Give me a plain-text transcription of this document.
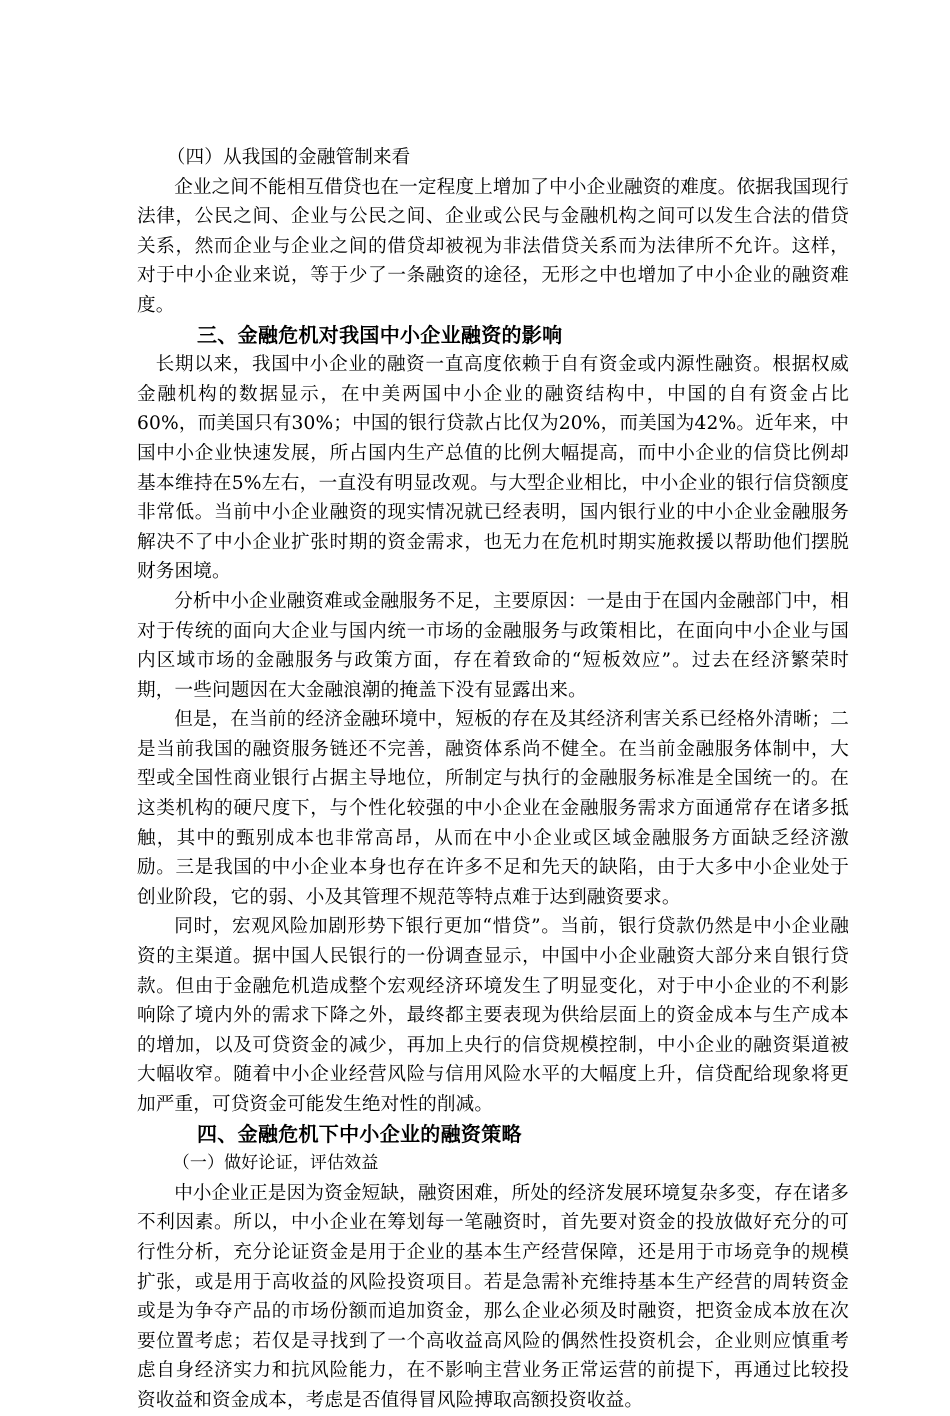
（四）从我国的金融管制来看

企业之间不能相互借贷也在一定程度上增加了中小企业融资的难度。依据我国现行法律，公民之间、企业与公民之间、企业或公民与金融机构之间可以发生合法的借贷关系，然而企业与企业之间的借贷却被视为非法借贷关系而为法律所不允许。这样，对于中小企业来说，等于少了一条融资的途径，无形之中也增加了中小企业的融资难度。

三、金融危机对我国中小企业融资的影响

长期以来，我国中小企业的融资一直高度依赖于自有资金或内源性融资。根据权威金融机构的数据显示，在中美两国中小企业的融资结构中，中国的自有资金占比60%，而美国只有30%；中国的银行贷款占比仅为20%，而美国为42%。近年来，中国中小企业快速发展，所占国内生产总值的比例大幅提高，而中小企业的信贷比例却基本维持在5%左右，一直没有明显改观。与大型企业相比，中小企业的银行信贷额度非常低。当前中小企业融资的现实情况就已经表明，国内银行业的中小企业金融服务解决不了中小企业扩张时期的资金需求，也无力在危机时期实施救援以帮助他们摆脱财务困境。

分析中小企业融资难或金融服务不足，主要原因：一是由于在国内金融部门中，相对于传统的面向大企业与国内统一市场的金融服务与政策相比，在面向中小企业与国内区域市场的金融服务与政策方面，存在着致命的“短板效应”。过去在经济繁荣时期，一些问题因在大金融浪潮的掩盖下没有显露出来。

但是，在当前的经济金融环境中，短板的存在及其经济利害关系已经格外清晰；二是当前我国的融资服务链还不完善，融资体系尚不健全。在当前金融服务体制中，大型或全国性商业银行占据主导地位，所制定与执行的金融服务标准是全国统一的。在这类机构的硬尺度下，与个性化较强的中小企业在金融服务需求方面通常存在诸多抵触，其中的甄别成本也非常高昂，从而在中小企业或区域金融服务方面缺乏经济激励。三是我国的中小企业本身也存在许多不足和先天的缺陷，由于大多中小企业处于创业阶段，它的弱、小及其管理不规范等特点难于达到融资要求。

同时，宏观风险加剧形势下银行更加“惜贷”。当前，银行贷款仍然是中小企业融资的主渠道。据中国人民银行的一份调查显示，中国中小企业融资大部分来自银行贷款。但由于金融危机造成整个宏观经济环境发生了明显变化，对于中小企业的不利影响除了境内外的需求下降之外，最终都主要表现为供给层面上的资金成本与生产成本的增加，以及可贷资金的减少，再加上央行的信贷规模控制，中小企业的融资渠道被大幅收窄。随着中小企业经营风险与信用风险水平的大幅度上升，信贷配给现象将更加严重，可贷资金可能发生绝对性的削减。

四、金融危机下中小企业的融资策略

（一）做好论证，评估效益

中小企业正是因为资金短缺，融资困难，所处的经济发展环境复杂多变，存在诸多不利因素。所以，中小企业在筹划每一笔融资时，首先要对资金的投放做好充分的可行性分析，充分论证资金是用于企业的基本生产经营保障，还是用于市场竞争的规模扩张，或是用于高收益的风险投资项目。若是急需补充维持基本生产经营的周转资金或是为争夺产品的市场份额而追加资金，那么企业必须及时融资，把资金成本放在次要位置考虑；若仅是寻找到了一个高收益高风险的偶然性投资机会，企业则应慎重考虑自身经济实力和抗风险能力，在不影响主营业务正常运营的前提下，再通过比较投资收益和资金成本，考虑是否值得冒风险搏取高额投资收益。
